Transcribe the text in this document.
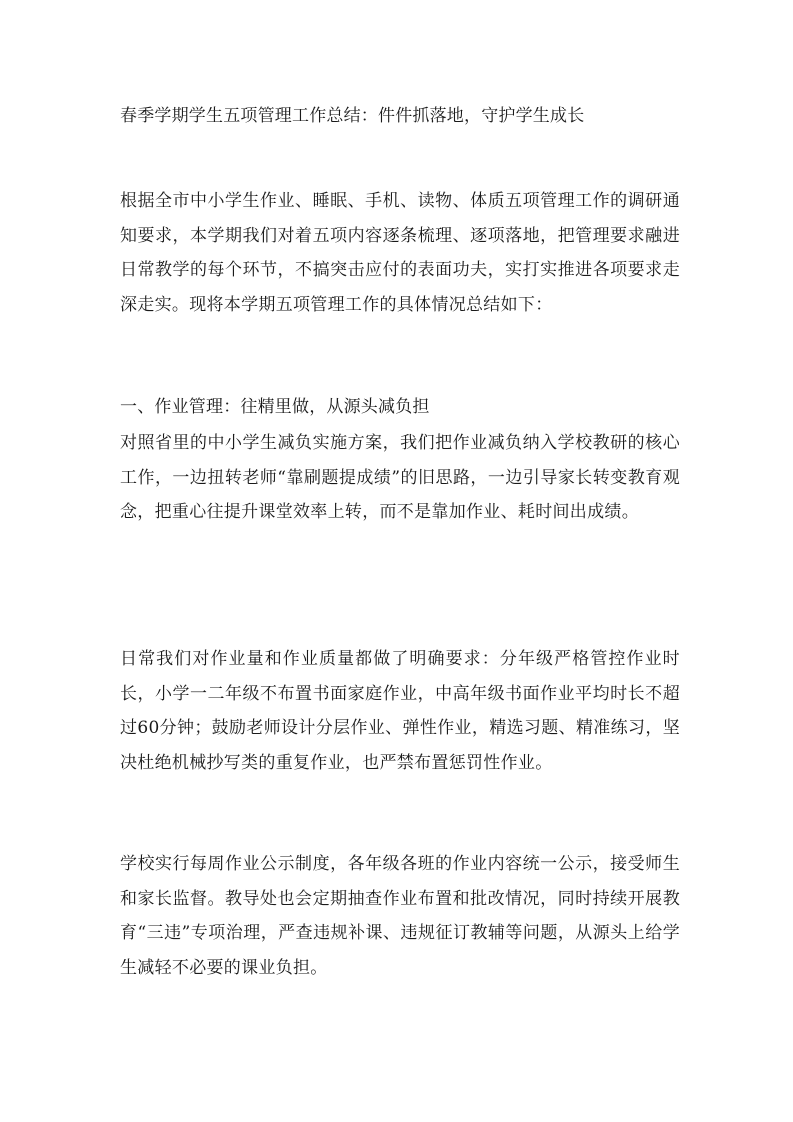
春季学期学生五项管理工作总结：件件抓落地，守护学生成长

根据全市中小学生作业、睡眠、手机、读物、体质五项管理工作的调研通知要求，本学期我们对着五项内容逐条梳理、逐项落地，把管理要求融进日常教学的每个环节，不搞突击应付的表面功夫，实打实推进各项要求走深走实。现将本学期五项管理工作的具体情况总结如下：

一、作业管理：往精里做，从源头减负担

对照省里的中小学生减负实施方案，我们把作业减负纳入学校教研的核心工作，一边扭转老师“靠刷题提成绩”的旧思路，一边引导家长转变教育观念，把重心往提升课堂效率上转，而不是靠加作业、耗时间出成绩。

日常我们对作业量和作业质量都做了明确要求：分年级严格管控作业时长，小学一二年级不布置书面家庭作业，中高年级书面作业平均时长不超过60分钟；鼓励老师设计分层作业、弹性作业，精选习题、精准练习，坚决杜绝机械抄写类的重复作业，也严禁布置惩罚性作业。

学校实行每周作业公示制度，各年级各班的作业内容统一公示，接受师生和家长监督。教导处也会定期抽查作业布置和批改情况，同时持续开展教育“三违”专项治理，严查违规补课、违规征订教辅等问题，从源头上给学生减轻不必要的课业负担。
